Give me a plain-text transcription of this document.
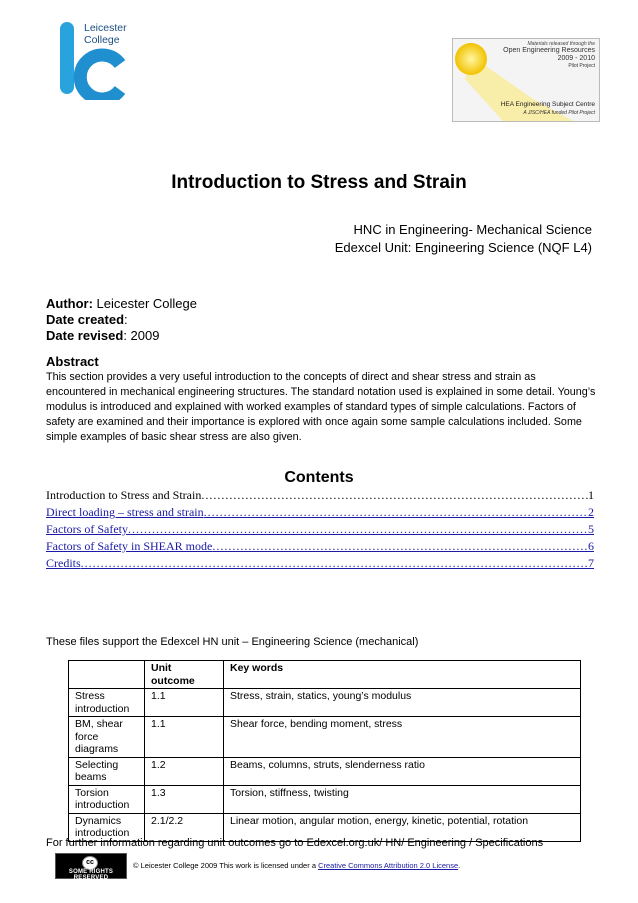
Leicester
College	Materials released through the
Open Engineering Resources
2009 - 2010
Pilot Project
HEA Engineering Subject Centre
A JISC/HEA funded Pilot Project
Introduction to Stress and Strain
HNC in Engineering- Mechanical Science
Edexcel Unit: Engineering Science (NQF L4)
Author: Leicester College
Date created:
Date revised: 2009
Abstract
This section provides a very useful introduction to the concepts of direct and shear stress and strain as encountered in mechanical engineering structures. The standard notation used is explained in some detail. Young’s modulus is introduced and explained with worked examples of standard types of simple calculations. Factors of safety are examined and their importance is explored with once again some sample calculations included. Some simple examples of basic shear stress are also given.
Contents
Introduction to Stress and Strain .....	1
Direct loading – stress and strain .....	2
Factors of Safety .....	5
Factors of Safety in SHEAR mode .....	6
Credits .....	7
These files support the Edexcel HN unit – Engineering Science (mechanical)
	Unit outcome	Key words
Stress introduction	1.1	Stress, strain, statics, young’s modulus
BM, shear force diagrams	1.1	Shear force, bending moment, stress
Selecting beams	1.2	Beams, columns, struts, slenderness ratio
Torsion introduction	1.3	Torsion, stiffness, twisting
Dynamics introduction	2.1/2.2	Linear motion, angular motion, energy, kinetic, potential, rotation
For further information regarding unit outcomes go to Edexcel.org.uk/ HN/ Engineering / Specifications
cc
SOME RIGHTS RESERVED
© Leicester College 2009 This work is licensed under a Creative Commons Attribution 2.0 License.
